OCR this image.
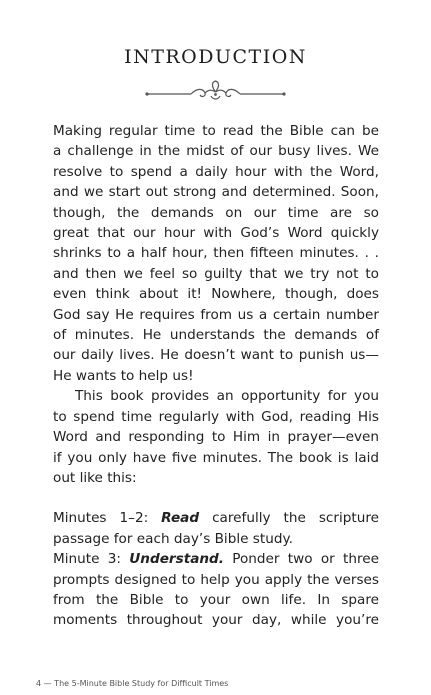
INTRODUCTION

Making regular time to read the Bible can be

a challenge in the midst of our busy lives. We

resolve to spend a daily hour with the Word,

and we start out strong and determined. Soon,

though, the demands on our time are so

great that our hour with God’s Word quickly

shrinks to a half hour, then fifteen minutes. . .

and then we feel so guilty that we try not to

even think about it! Nowhere, though, does

God say He requires from us a certain number

of minutes. He understands the demands of

our daily lives. He doesn’t want to punish us—

He wants to help us!

This book provides an opportunity for you

to spend time regularly with God, reading His

Word and responding to Him in prayer—even

if you only have five minutes. The book is laid

out like this:

Minutes 1–2: Read carefully the scripture

passage for each day’s Bible study.

Minute 3: Understand. Ponder two or three

prompts designed to help you apply the verses

from the Bible to your own life. In spare

moments throughout your day, while you’re

4 — The 5-Minute Bible Study for Difficult Times
